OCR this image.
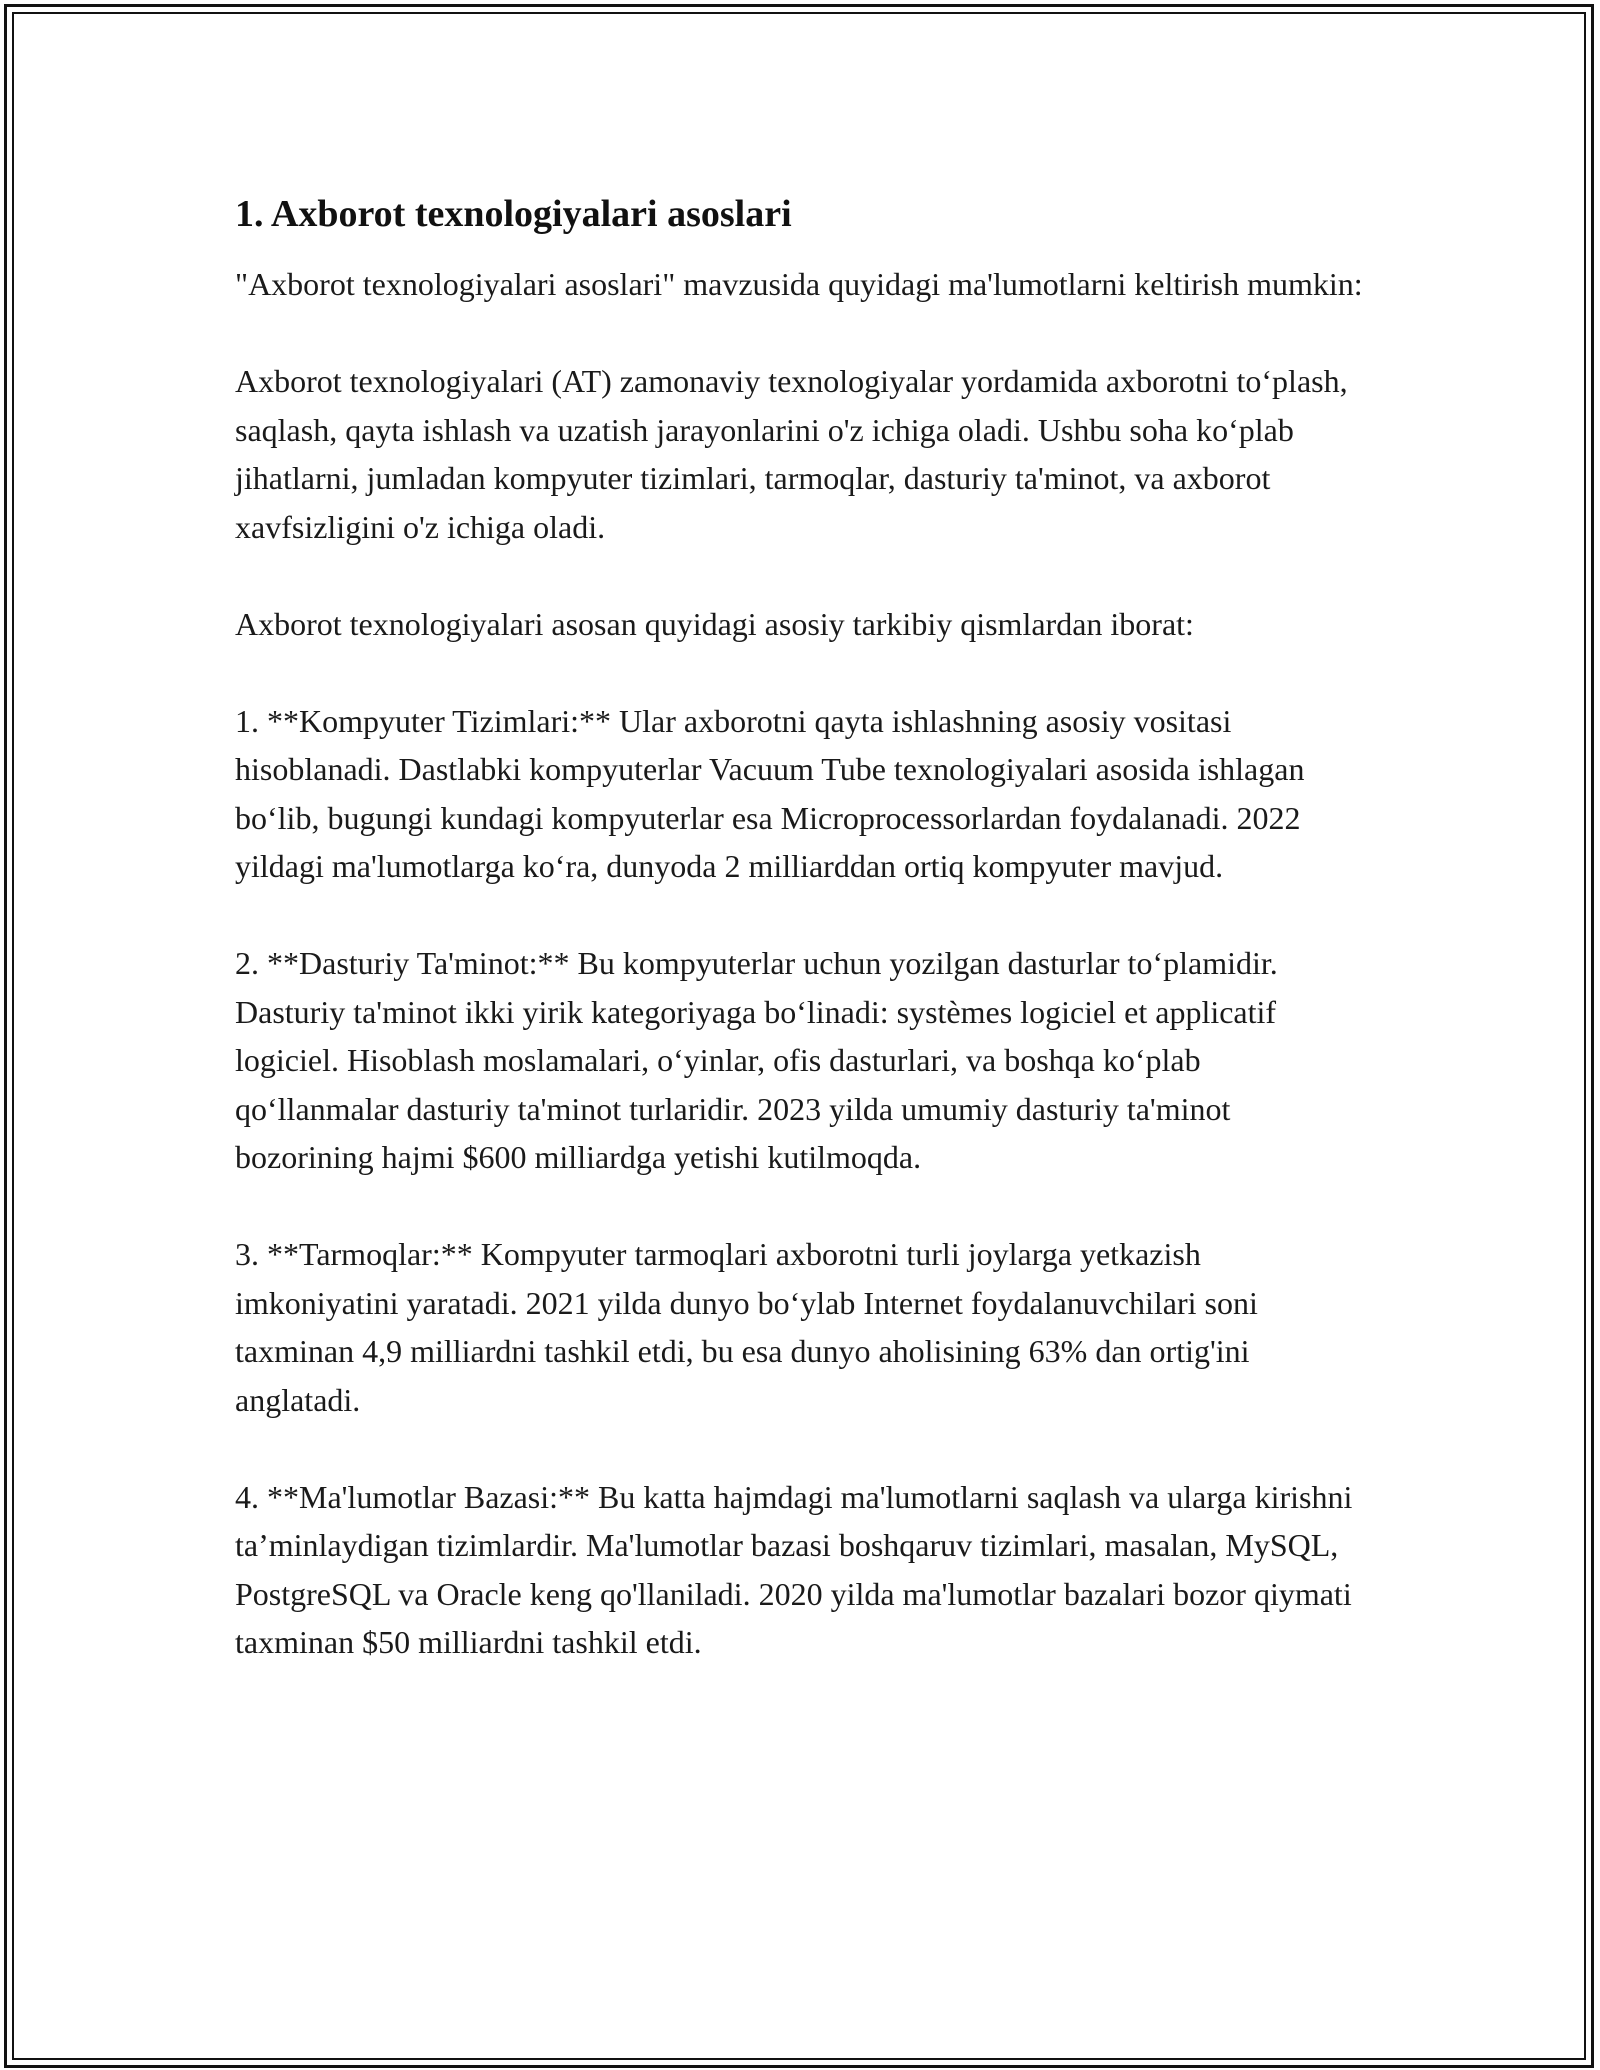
1. Axborot texnologiyalari asoslari

"Axborot texnologiyalari asoslari" mavzusida quyidagi ma'lumotlarni keltirish mumkin:

Axborot texnologiyalari (AT) zamonaviy texnologiyalar yordamida axborotni to‘plash, saqlash, qayta ishlash va uzatish jarayonlarini o'z ichiga oladi. Ushbu soha ko‘plab jihatlarni, jumladan kompyuter tizimlari, tarmoqlar, dasturiy ta'minot, va axborot xavfsizligini o'z ichiga oladi.

Axborot texnologiyalari asosan quyidagi asosiy tarkibiy qismlardan iborat:

1. **Kompyuter Tizimlari:** Ular axborotni qayta ishlashning asosiy vositasi hisoblanadi. Dastlabki kompyuterlar Vacuum Tube texnologiyalari asosida ishlagan bo‘lib, bugungi kundagi kompyuterlar esa Microprocessorlardan foydalanadi. 2022 yildagi ma'lumotlarga ko‘ra, dunyoda 2 milliarddan ortiq kompyuter mavjud.

2. **Dasturiy Ta'minot:** Bu kompyuterlar uchun yozilgan dasturlar to‘plamidir. Dasturiy ta'minot ikki yirik kategoriyaga bo‘linadi: systèmes logiciel et applicatif logiciel. Hisoblash moslamalari, o‘yinlar, ofis dasturlari, va boshqa ko‘plab qo‘llanmalar dasturiy ta'minot turlaridir. 2023 yilda umumiy dasturiy ta'minot bozorining hajmi $600 milliardga yetishi kutilmoqda.

3. **Tarmoqlar:** Kompyuter tarmoqlari axborotni turli joylarga yetkazish imkoniyatini yaratadi. 2021 yilda dunyo bo‘ylab Internet foydalanuvchilari soni taxminan 4,9 milliardni tashkil etdi, bu esa dunyo aholisining 63% dan ortig'ini anglatadi.

4. **Ma'lumotlar Bazasi:** Bu katta hajmdagi ma'lumotlarni saqlash va ularga kirishni ta’minlaydigan tizimlardir. Ma'lumotlar bazasi boshqaruv tizimlari, masalan, MySQL, PostgreSQL va Oracle keng qo'llaniladi. 2020 yilda ma'lumotlar bazalari bozor qiymati taxminan $50 milliardni tashkil etdi.
